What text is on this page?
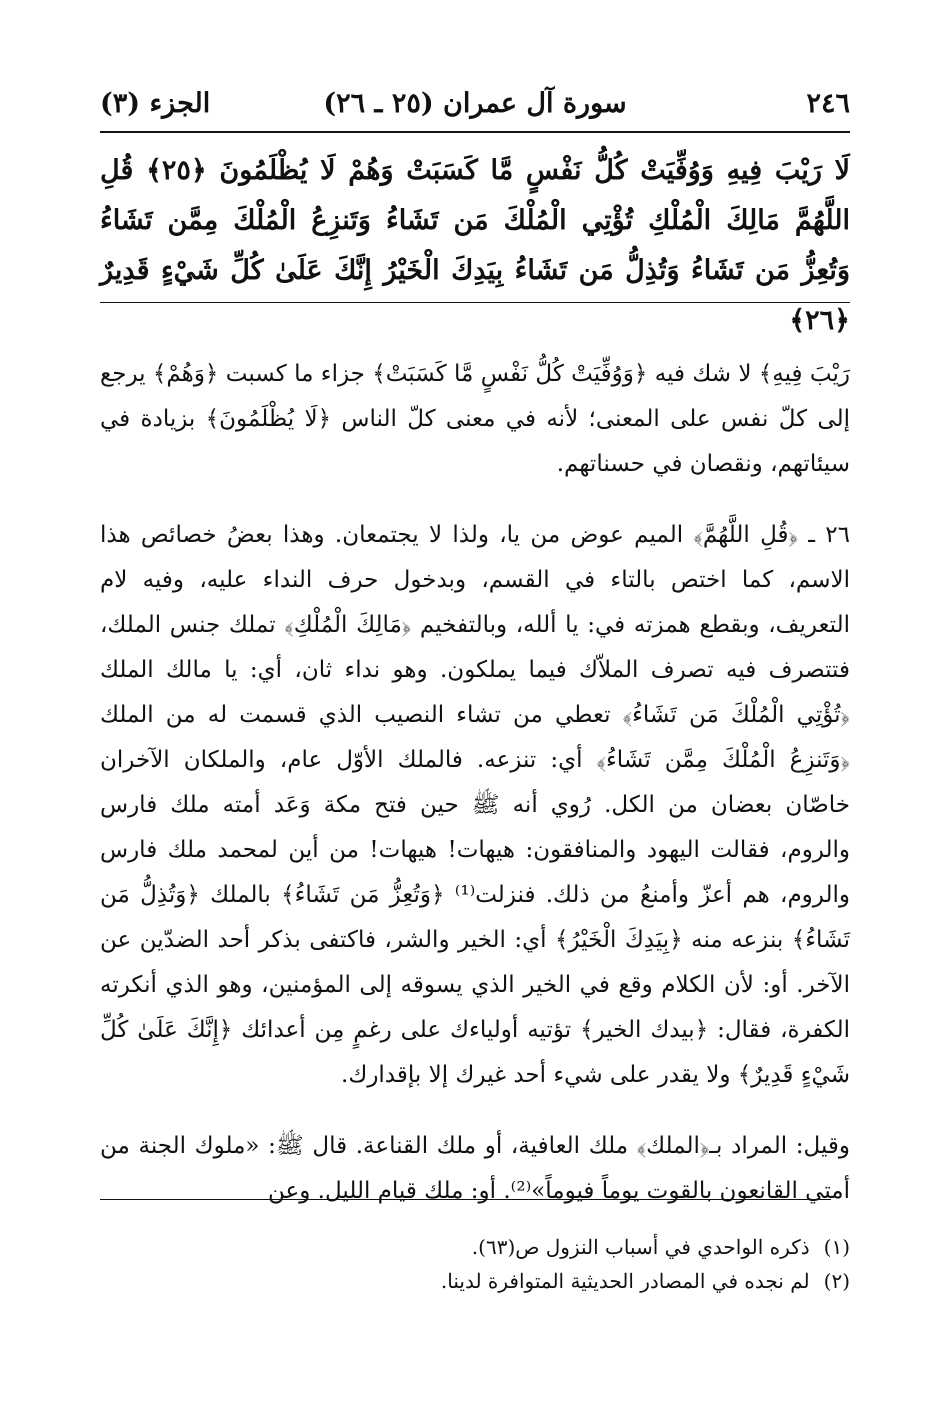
٢٤٦
سورة آل عمران (٢٥ ـ ٢٦)
الجزء (٣)
لَا رَيْبَ فِيهِ وَوُفِّيَتْ كُلُّ نَفْسٍ مَّا كَسَبَتْ وَهُمْ لَا يُظْلَمُونَ ﴿٢٥﴾ قُلِ اللَّهُمَّ مَالِكَ الْمُلْكِ تُؤْتِي الْمُلْكَ مَن تَشَاءُ وَتَنزِعُ الْمُلْكَ مِمَّن تَشَاءُ وَتُعِزُّ مَن تَشَاءُ وَتُذِلُّ مَن تَشَاءُ بِيَدِكَ الْخَيْرُ إِنَّكَ عَلَىٰ كُلِّ شَيْءٍ قَدِيرٌ ﴿٢٦﴾

رَيْبَ فِيهِ﴾ لا شك فيه ﴿وَوُفِّيَتْ كُلُّ نَفْسٍ مَّا كَسَبَتْ﴾ جزاء ما كسبت ﴿وَهُمْ﴾ يرجع إلى كلّ نفس على المعنى؛ لأنه في معنى كلّ الناس ﴿لَا يُظْلَمُونَ﴾ بزيادة في سيئاتهم، ونقصان في حسناتهم.

٢٦ ـ ﴿قُلِ اللَّهُمَّ﴾ الميم عوض من يا، ولذا لا يجتمعان. وهذا بعضُ خصائص هذا الاسم، كما اختص بالتاء في القسم، وبدخول حرف النداء عليه، وفيه لام التعريف، وبقطع همزته في: يا ألله، وبالتفخيم ﴿مَالِكَ الْمُلْكِ﴾ تملك جنس الملك، فتتصرف فيه تصرف الملاّك فيما يملكون. وهو نداء ثان، أي: يا مالك الملك ﴿تُؤْتِي الْمُلْكَ مَن تَشَاءُ﴾ تعطي من تشاء النصيب الذي قسمت له من الملك ﴿وَتَنزِعُ الْمُلْكَ مِمَّن تَشَاءُ﴾ أي: تنزعه. فالملك الأوّل عام، والملكان الآخران خاصّان بعضان من الكل. رُوي أنه ﷺ حين فتح مكة وَعَد أمته ملك فارس والروم، فقالت اليهود والمنافقون: هيهات! هيهات! من أين لمحمد ملك فارس والروم، هم أعزّ وأمنعُ من ذلك. فنزلت⁽¹⁾ ﴿وَتُعِزُّ مَن تَشَاءُ﴾ بالملك ﴿وَتُذِلُّ مَن تَشَاءُ﴾ بنزعه منه ﴿بِيَدِكَ الْخَيْرُ﴾ أي: الخير والشر، فاكتفى بذكر أحد الضدّين عن الآخر. أو: لأن الكلام وقع في الخير الذي يسوقه إلى المؤمنين، وهو الذي أنكرته الكفرة، فقال: ﴿بيدك الخير﴾ تؤتيه أولياءك على رغمٍ مِن أعدائك ﴿إِنَّكَ عَلَىٰ كُلِّ شَيْءٍ قَدِيرٌ﴾ ولا يقدر على شيء أحد غيرك إلا بإقدارك.

وقيل: المراد بـ﴿الملك﴾ ملك العافية، أو ملك القناعة. قال ﷺ: «ملوك الجنة من أمتي القانعون بالقوت يوماً فيوماً»⁽²⁾. أو: ملك قيام الليل. وعن

(١)
ذكره الواحدي في أسباب النزول ص(٦٣).
(٢)
لم نجده في المصادر الحديثية المتوافرة لدينا.
